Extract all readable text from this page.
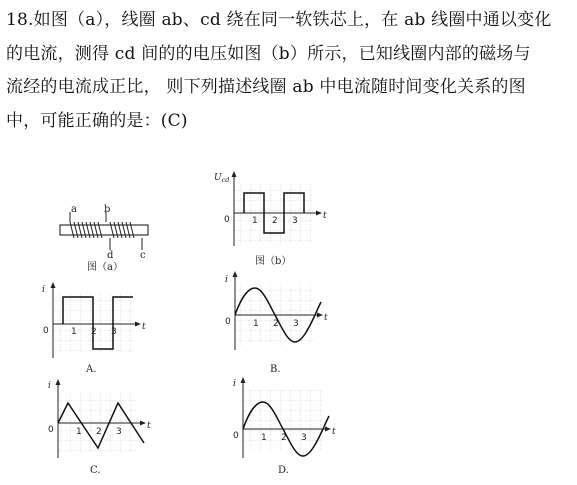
18.如图（a），线圈 ab、cd 绕在同一软铁芯上，在 ab 线圈中通以变化
的电流，测得 cd 间的的电压如图（b）所示，已知线圈内部的磁场与
流经的电流成正比， 则下列描述线圈 ab 中电流随时间变化关系的图
中，可能正确的是：(C)
a	b
d	c
图（a）
$U_{cd}$
t
0 1 2 3
图（b）
i
t
0 1 2 3
A.
i
t
0 1 2 3
B.
i
t
0 1 2 3
C.
i
t
0 1 2 3
D.
